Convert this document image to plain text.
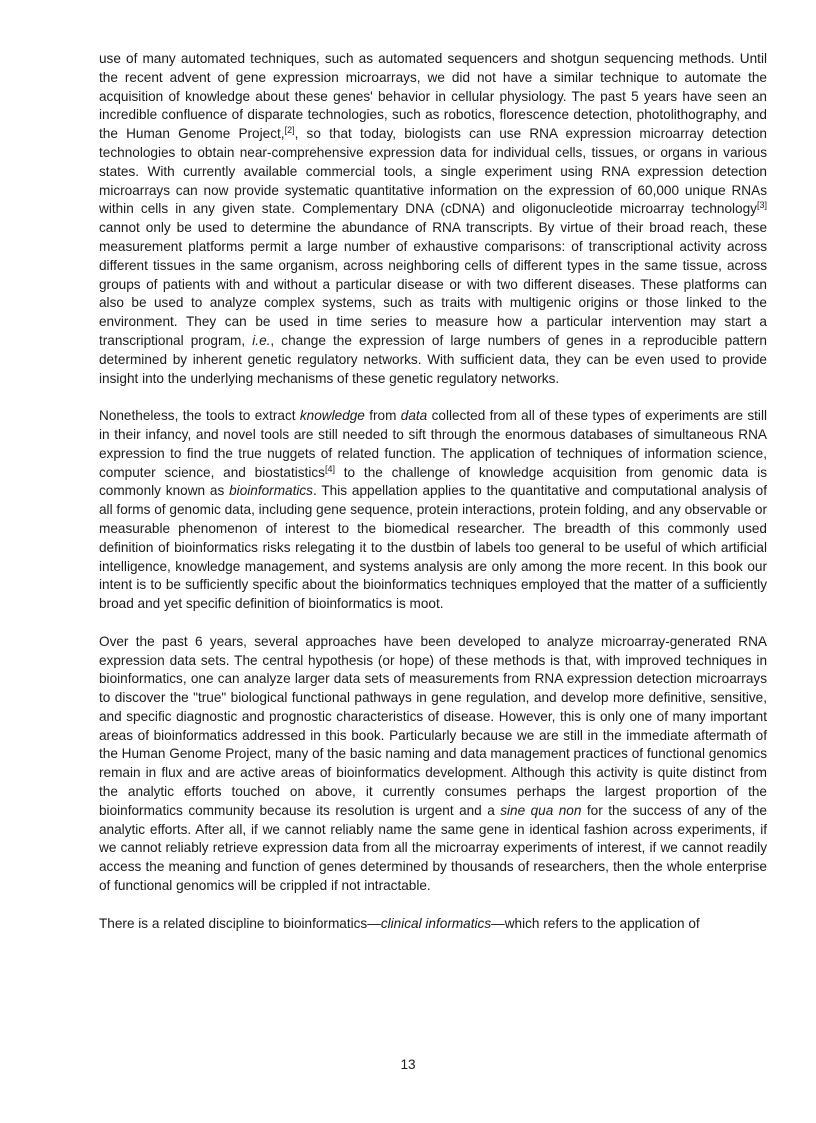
use of many automated techniques, such as automated sequencers and shotgun sequencing methods. Until the recent advent of gene expression microarrays, we did not have a similar technique to automate the acquisition of knowledge about these genes' behavior in cellular physiology. The past 5 years have seen an incredible confluence of disparate technologies, such as robotics, florescence detection, photolithography, and the Human Genome Project,[2], so that today, biologists can use RNA expression microarray detection technologies to obtain near-comprehensive expression data for individual cells, tissues, or organs in various states. With currently available commercial tools, a single experiment using RNA expression detection microarrays can now provide systematic quantitative information on the expression of 60,000 unique RNAs within cells in any given state. Complementary DNA (cDNA) and oligonucleotide microarray technology[3] cannot only be used to determine the abundance of RNA transcripts. By virtue of their broad reach, these measurement platforms permit a large number of exhaustive comparisons: of transcriptional activity across different tissues in the same organism, across neighboring cells of different types in the same tissue, across groups of patients with and without a particular disease or with two different diseases. These platforms can also be used to analyze complex systems, such as traits with multigenic origins or those linked to the environment. They can be used in time series to measure how a particular intervention may start a transcriptional program, i.e., change the expression of large numbers of genes in a reproducible pattern determined by inherent genetic regulatory networks. With sufficient data, they can be even used to provide insight into the underlying mechanisms of these genetic regulatory networks.

Nonetheless, the tools to extract knowledge from data collected from all of these types of experiments are still in their infancy, and novel tools are still needed to sift through the enormous databases of simultaneous RNA expression to find the true nuggets of related function. The application of techniques of information science, computer science, and biostatistics[4] to the challenge of knowledge acquisition from genomic data is commonly known as bioinformatics. This appellation applies to the quantitative and computational analysis of all forms of genomic data, including gene sequence, protein interactions, protein folding, and any observable or measurable phenomenon of interest to the biomedical researcher. The breadth of this commonly used definition of bioinformatics risks relegating it to the dustbin of labels too general to be useful of which artificial intelligence, knowledge management, and systems analysis are only among the more recent. In this book our intent is to be sufficiently specific about the bioinformatics techniques employed that the matter of a sufficiently broad and yet specific definition of bioinformatics is moot.

Over the past 6 years, several approaches have been developed to analyze microarray-generated RNA expression data sets. The central hypothesis (or hope) of these methods is that, with improved techniques in bioinformatics, one can analyze larger data sets of measurements from RNA expression detection microarrays to discover the "true" biological functional pathways in gene regulation, and develop more definitive, sensitive, and specific diagnostic and prognostic characteristics of disease. However, this is only one of many important areas of bioinformatics addressed in this book. Particularly because we are still in the immediate aftermath of the Human Genome Project, many of the basic naming and data management practices of functional genomics remain in flux and are active areas of bioinformatics development. Although this activity is quite distinct from the analytic efforts touched on above, it currently consumes perhaps the largest proportion of the bioinformatics community because its resolution is urgent and a sine qua non for the success of any of the analytic efforts. After all, if we cannot reliably name the same gene in identical fashion across experiments, if we cannot reliably retrieve expression data from all the microarray experiments of interest, if we cannot readily access the meaning and function of genes determined by thousands of researchers, then the whole enterprise of functional genomics will be crippled if not intractable.

There is a related discipline to bioinformatics—clinical informatics—which refers to the application of

13
